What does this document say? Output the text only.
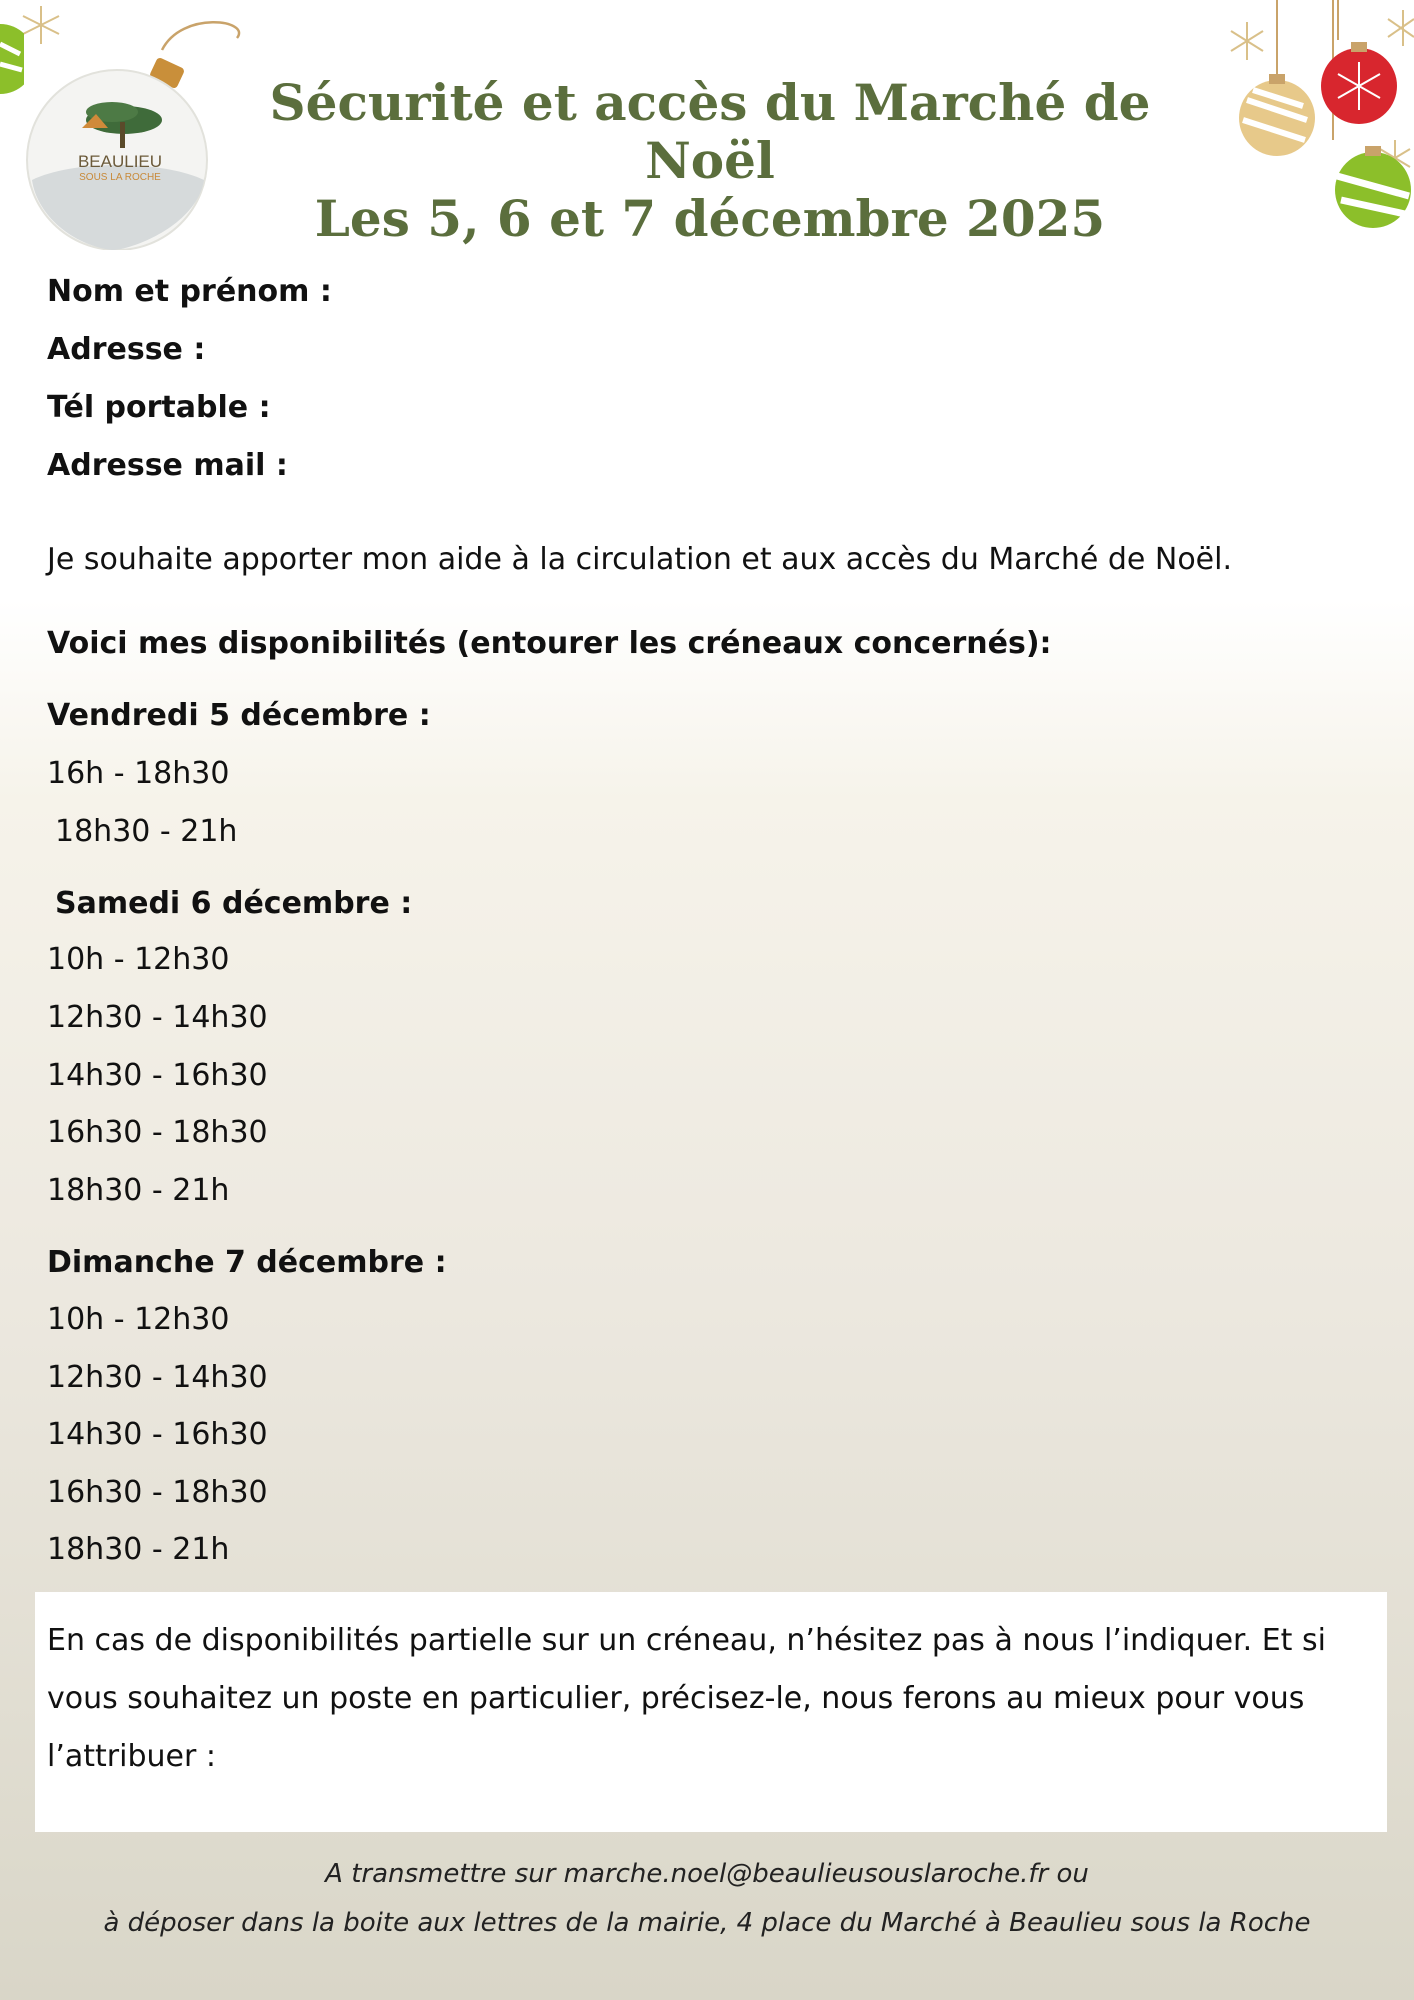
BEAULIEU
SOUS LA ROCHE
Sécurité et accès du Marché de Noël
Les 5, 6 et 7 décembre 2025
Nom et prénom :
Adresse :
Tél portable :
Adresse mail :
Je souhaite apporter mon aide à la circulation et aux accès du Marché de Noël.
Voici mes disponibilités (entourer les créneaux concernés):
Vendredi 5 décembre :
16h - 18h30
18h30 - 21h
Samedi 6 décembre :
10h - 12h30
12h30 - 14h30
14h30 - 16h30
16h30 - 18h30
18h30 - 21h
Dimanche 7 décembre :
10h - 12h30
12h30 - 14h30
14h30 - 16h30
16h30 - 18h30
18h30 - 21h
En cas de disponibilités partielle sur un créneau, n’hésitez pas à nous l’indiquer. Et si vous souhaitez un poste en particulier, précisez-le, nous ferons au mieux pour vous l’attribuer :
A transmettre sur marche.noel@beaulieusouslaroche.fr ou
à déposer dans la boite aux lettres de la mairie, 4 place du Marché à Beaulieu sous la Roche
